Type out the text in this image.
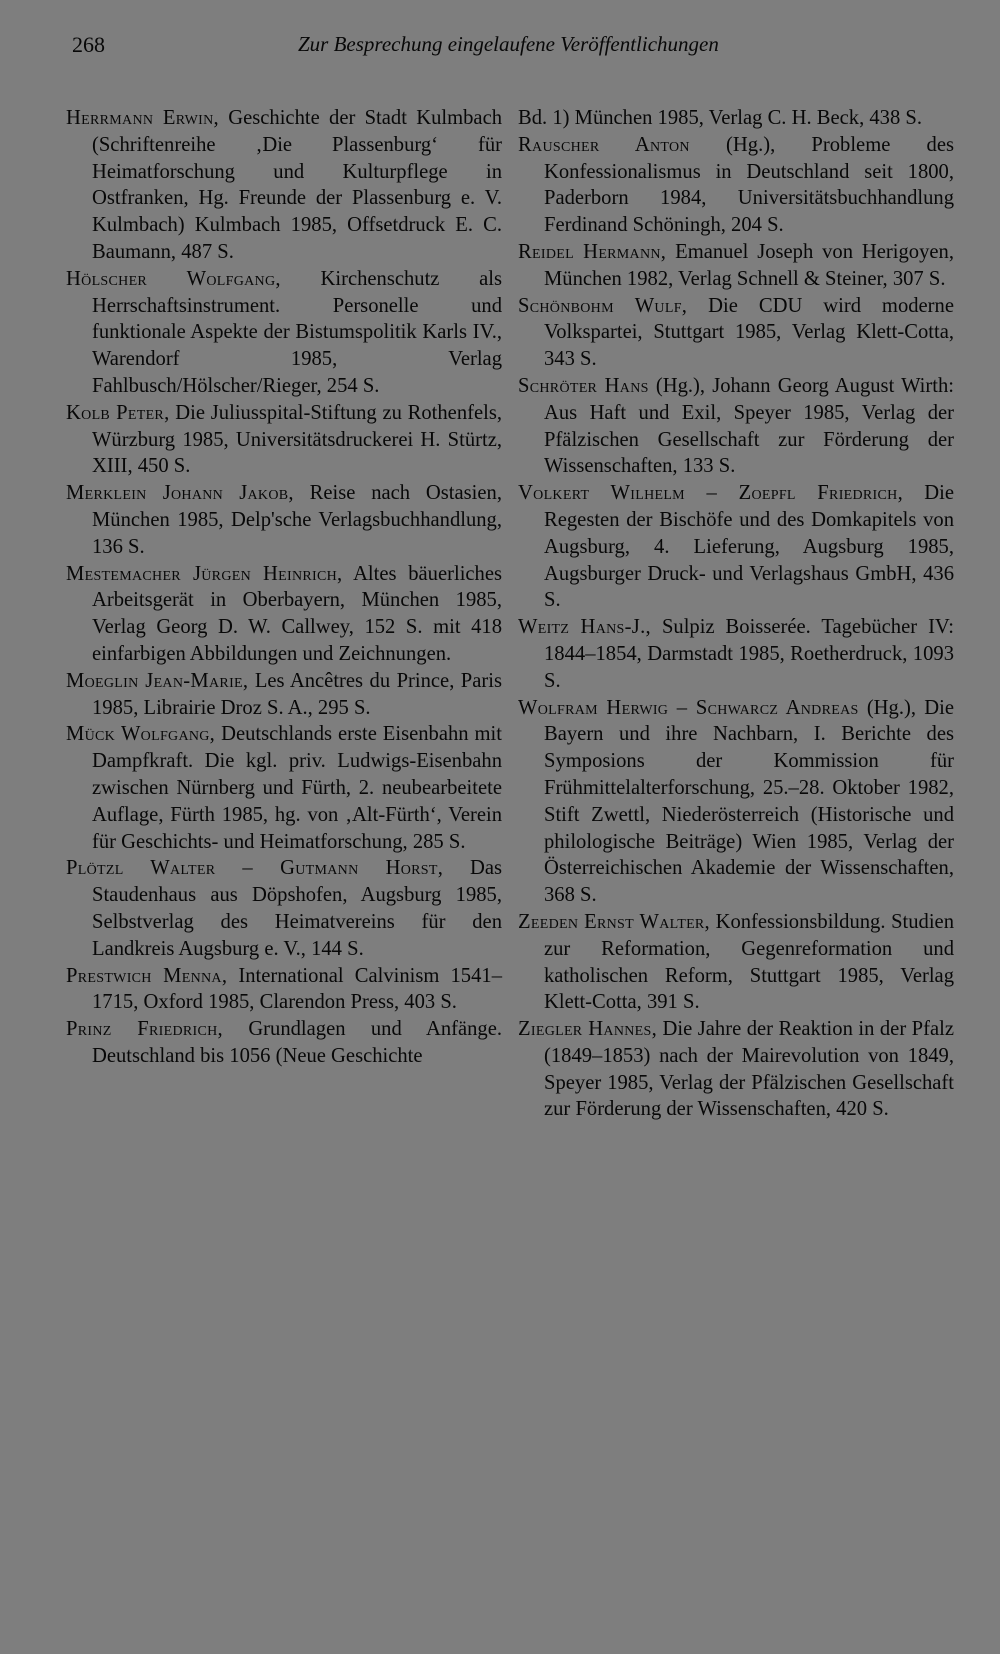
268	Zur Besprechung eingelaufene Veröffentlichungen

Herrmann Erwin, Geschichte der Stadt Kulmbach (Schriftenreihe ‚Die Plassenburg‘ für Heimatforschung und Kulturpflege in Ostfranken, Hg. Freunde der Plassenburg e. V. Kulmbach) Kulmbach 1985, Offsetdruck E. C. Baumann, 487 S.

Hölscher Wolfgang, Kirchenschutz als Herrschaftsinstrument. Personelle und funktionale Aspekte der Bistumspolitik Karls IV., Warendorf 1985, Verlag Fahlbusch/Hölscher/Rieger, 254 S.

Kolb Peter, Die Juliusspital-Stiftung zu Rothenfels, Würzburg 1985, Universitätsdruckerei H. Stürtz, XIII, 450 S.

Merklein Johann Jakob, Reise nach Ostasien, München 1985, Delp'sche Verlagsbuchhandlung, 136 S.

Mestemacher Jürgen Heinrich, Altes bäuerliches Arbeitsgerät in Oberbayern, München 1985, Verlag Georg D. W. Callwey, 152 S. mit 418 einfarbigen Abbildungen und Zeichnungen.

Moeglin Jean-Marie, Les Ancêtres du Prince, Paris 1985, Librairie Droz S. A., 295 S.

Mück Wolfgang, Deutschlands erste Eisenbahn mit Dampfkraft. Die kgl. priv. Ludwigs-Eisenbahn zwischen Nürnberg und Fürth, 2. neubearbeitete Auflage, Fürth 1985, hg. von ‚Alt-Fürth‘, Verein für Geschichts- und Heimatforschung, 285 S.

Plötzl Walter – Gutmann Horst, Das Staudenhaus aus Döpshofen, Augsburg 1985, Selbstverlag des Heimatvereins für den Landkreis Augsburg e. V., 144 S.

Prestwich Menna, International Calvinism 1541–1715, Oxford 1985, Clarendon Press, 403 S.

Prinz Friedrich, Grundlagen und Anfänge. Deutschland bis 1056 (Neue Geschichte

Bd. 1) München 1985, Verlag C. H. Beck, 438 S.

Rauscher Anton (Hg.), Probleme des Konfessionalismus in Deutschland seit 1800, Paderborn 1984, Universitätsbuchhandlung Ferdinand Schöningh, 204 S.

Reidel Hermann, Emanuel Joseph von Herigoyen, München 1982, Verlag Schnell & Steiner, 307 S.

Schönbohm Wulf, Die CDU wird moderne Volkspartei, Stuttgart 1985, Verlag Klett-Cotta, 343 S.

Schröter Hans (Hg.), Johann Georg August Wirth: Aus Haft und Exil, Speyer 1985, Verlag der Pfälzischen Gesellschaft zur Förderung der Wissenschaften, 133 S.

Volkert Wilhelm – Zoepfl Friedrich, Die Regesten der Bischöfe und des Domkapitels von Augsburg, 4. Lieferung, Augsburg 1985, Augsburger Druck- und Verlagshaus GmbH, 436 S.

Weitz Hans-J., Sulpiz Boisserée. Tagebücher IV: 1844–1854, Darmstadt 1985, Roetherdruck, 1093 S.

Wolfram Herwig – Schwarcz Andreas (Hg.), Die Bayern und ihre Nachbarn, I. Berichte des Symposions der Kommission für Frühmittelalterforschung, 25.–28. Oktober 1982, Stift Zwettl, Niederösterreich (Historische und philologische Beiträge) Wien 1985, Verlag der Österreichischen Akademie der Wissenschaften, 368 S.

Zeeden Ernst Walter, Konfessionsbildung. Studien zur Reformation, Gegenreformation und katholischen Reform, Stuttgart 1985, Verlag Klett-Cotta, 391 S.

Ziegler Hannes, Die Jahre der Reaktion in der Pfalz (1849–1853) nach der Mairevolution von 1849, Speyer 1985, Verlag der Pfälzischen Gesellschaft zur Förderung der Wissenschaften, 420 S.
